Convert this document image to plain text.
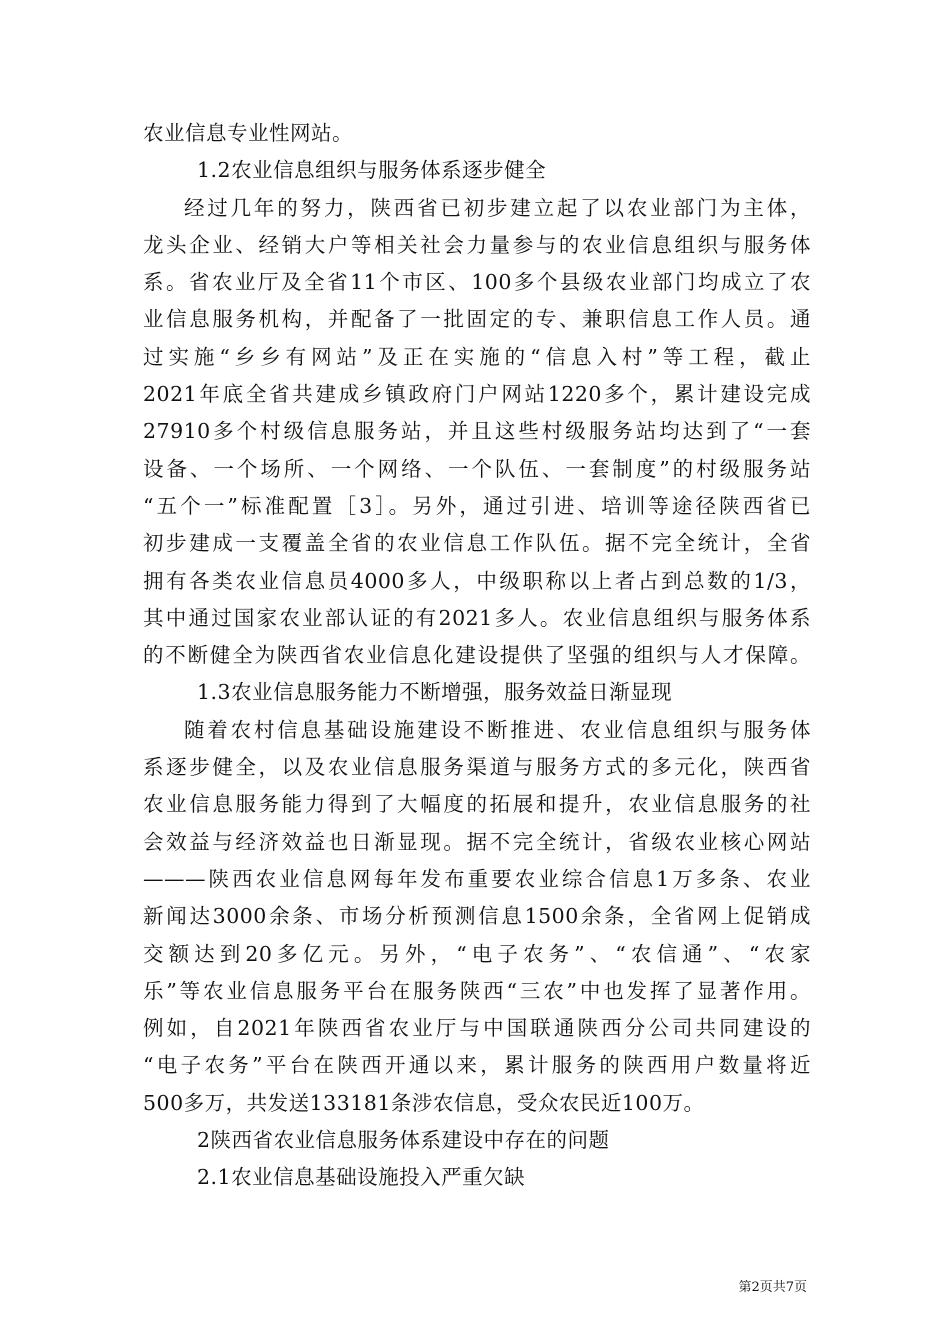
农业信息专业性网站。
1.2农业信息组织与服务体系逐步健全
经过几年的努力，陕西省已初步建立起了以农业部门为主体，
龙头企业、经销大户等相关社会力量参与的农业信息组织与服务体
系。省农业厅及全省11个市区、100多个县级农业部门均成立了农
业信息服务机构，并配备了一批固定的专、兼职信息工作人员。通
过实施“乡乡有网站”及正在实施的“信息入村”等工程，截止
2021年底全省共建成乡镇政府门户网站1220多个，累计建设完成
27910多个村级信息服务站，并且这些村级服务站均达到了“一套
设备、一个场所、一个网络、一个队伍、一套制度”的村级服务站
“五个一”标准配置［3］。另外，通过引进、培训等途径陕西省已
初步建成一支覆盖全省的农业信息工作队伍。据不完全统计，全省
拥有各类农业信息员4000多人，中级职称以上者占到总数的1/3，
其中通过国家农业部认证的有2021多人。农业信息组织与服务体系
的不断健全为陕西省农业信息化建设提供了坚强的组织与人才保障。
1.3农业信息服务能力不断增强，服务效益日渐显现
随着农村信息基础设施建设不断推进、农业信息组织与服务体
系逐步健全，以及农业信息服务渠道与服务方式的多元化，陕西省
农业信息服务能力得到了大幅度的拓展和提升，农业信息服务的社
会效益与经济效益也日渐显现。据不完全统计，省级农业核心网站
———陕西农业信息网每年发布重要农业综合信息1万多条、农业
新闻达3000余条、市场分析预测信息1500余条，全省网上促销成
交额达到20多亿元。另外，“电子农务”、“农信通”、“农家
乐”等农业信息服务平台在服务陕西“三农”中也发挥了显著作用。
例如，自2021年陕西省农业厅与中国联通陕西分公司共同建设的
“电子农务”平台在陕西开通以来，累计服务的陕西用户数量将近
500多万，共发送133181条涉农信息，受众农民近100万。
2陕西省农业信息服务体系建设中存在的问题
2.1农业信息基础设施投入严重欠缺
第2页共7页
